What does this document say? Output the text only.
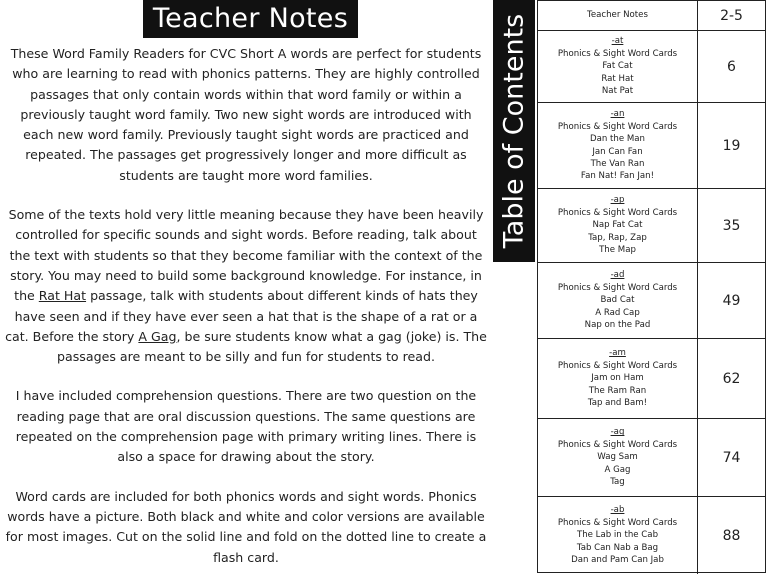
Teacher Notes

These Word Family Readers for CVC Short A words are perfect for students who are learning to read with phonics patterns. They are highly controlled passages that only contain words within that word family or within a previously taught word family. Two new sight words are introduced with each new word family. Previously taught sight words are practiced and repeated. The passages get progressively longer and more difficult as students are taught more word families.

Some of the texts hold very little meaning because they have been heavily controlled for specific sounds and sight words. Before reading, talk about the text with students so that they become familiar with the context of the story. You may need to build some background knowledge. For instance, in the Rat Hat passage, talk with students about different kinds of hats they have seen and if they have ever seen a hat that is the shape of a rat or a cat. Before the story A Gag, be sure students know what a gag (joke) is. The passages are meant to be silly and fun for students to read.

I have included comprehension questions. There are two question on the reading page that are oral discussion questions. The same questions are repeated on the comprehension page with primary writing lines. There is also a space for drawing about the story.

Word cards are included for both phonics words and sight words. Phonics words have a picture. Both black and white and color versions are available for most images. Cut on the solid line and fold on the dotted line to create a flash card.

Table of Contents	Teacher Notes	2-5
-at
Phonics & Sight Word Cards
Fat Cat
Rat Hat
Nat Pat
6
-an
Phonics & Sight Word Cards
Dan the Man
Jan Can Fan
The Van Ran
Fan Nat! Fan Jan!
19
-ap
Phonics & Sight Word Cards
Nap Fat Cat
Tap, Rap, Zap
The Map
35
-ad
Phonics & Sight Word Cards
Bad Cat
A Rad Cap
Nap on the Pad
49
-am
Phonics & Sight Word Cards
Jam on Ham
The Ram Ran
Tap and Bam!
62
-ag
Phonics & Sight Word Cards
Wag Sam
A Gag
Tag
74
-ab
Phonics & Sight Word Cards
The Lab in the Cab
Tab Can Nab a Bag
Dan and Pam Can Jab
88
